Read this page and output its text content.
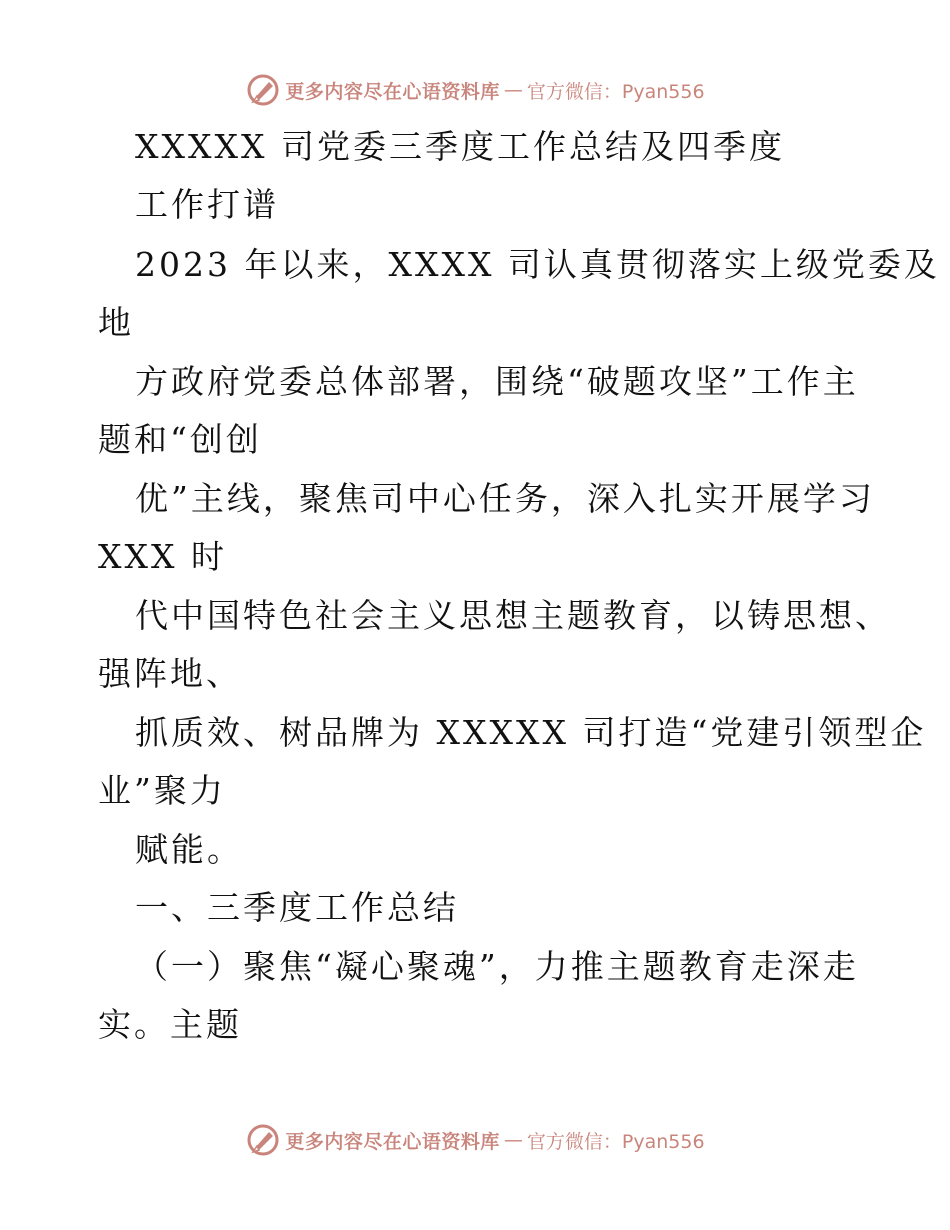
更多内容尽在心语资料库 — 官方微信：Pyan556
XXXXX 司党委三季度工作总结及四季度
工作打谱
2023 年以来，XXXX 司认真贯彻落实上级党委及
地
方政府党委总体部署，围绕“破题攻坚”工作主
题和“创创
优”主线，聚焦司中心任务，深入扎实开展学习
XXX 时
代中国特色社会主义思想主题教育，以铸思想、
强阵地、
抓质效、树品牌为 XXXXX 司打造“党建引领型企
业”聚力
赋能。
一、三季度工作总结
（一）聚焦“凝心聚魂”，力推主题教育走深走
实。主题
更多内容尽在心语资料库 — 官方微信：Pyan556
